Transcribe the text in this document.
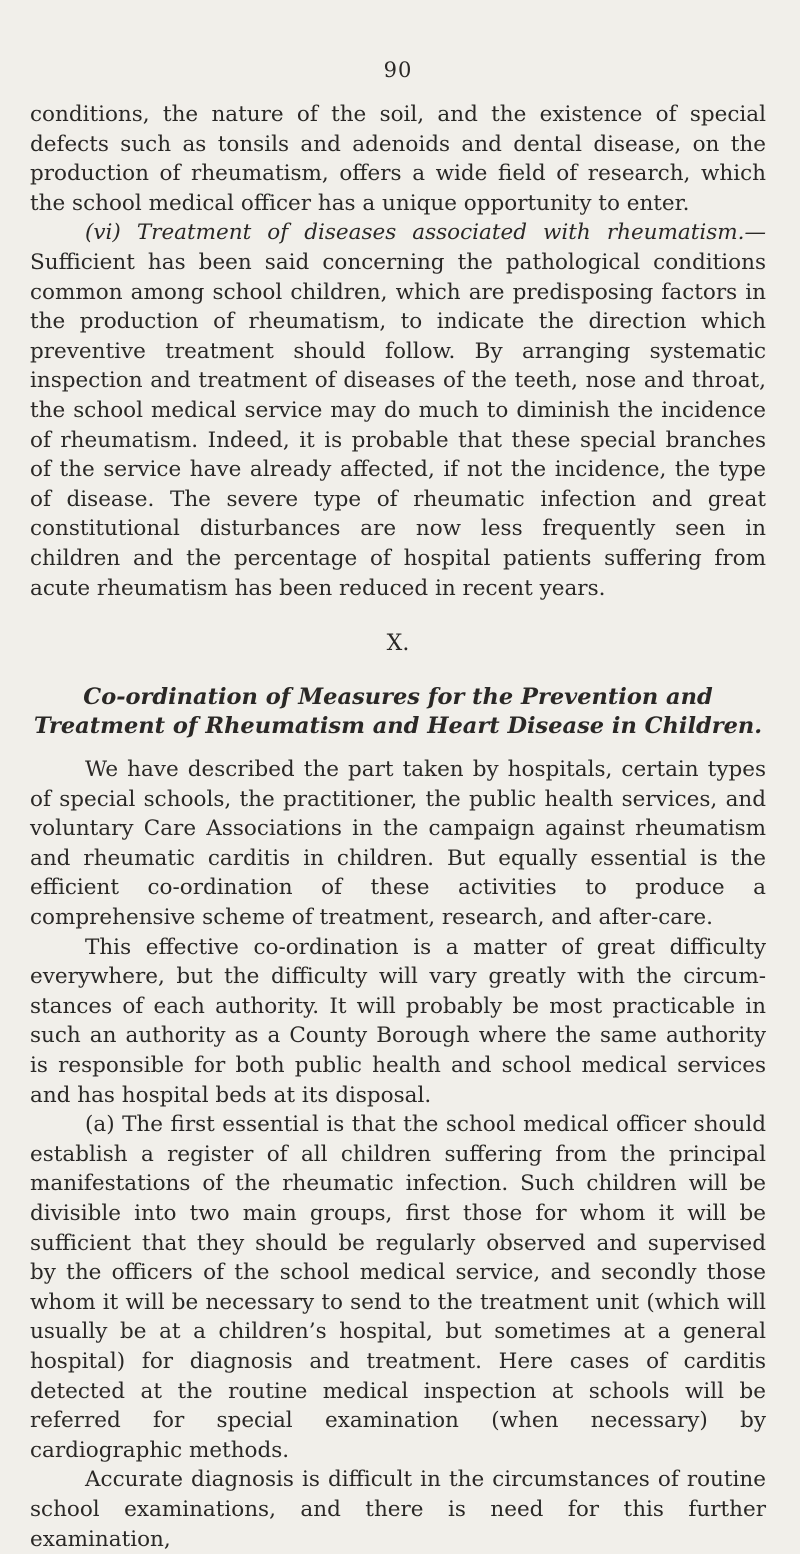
90

conditions, the nature of the soil, and the existence of special defects such as tonsils and adenoids and dental disease, on the production of rheumatism, offers a wide field of research, which the school medical officer has a unique opportunity to enter.

(vi) Treatment of diseases associated with rheumatism.— Sufficient has been said concerning the pathological conditions common among school children, which are predisposing factors in the production of rheumatism, to indicate the direction which preventive treatment should follow. By arranging systematic inspection and treatment of diseases of the teeth, nose and throat, the school medical service may do much to diminish the incidence of rheumatism. Indeed, it is probable that these special branches of the service have already affected, if not the incidence, the type of disease. The severe type of rheumatic infection and great constitutional disturbances are now less frequently seen in children and the percentage of hospital patients suffering from acute rheumatism has been reduced in recent years.

X.
Co-ordination of Measures for the Prevention and Treatment of Rheumatism and Heart Disease in Children.

We have described the part taken by hospitals, certain types of special schools, the practitioner, the public health services, and voluntary Care Associations in the campaign against rheumatism and rheumatic carditis in children. But equally essential is the efficient co-ordination of these activities to produce a comprehensive scheme of treatment, research, and after-care.

This effective co-ordination is a matter of great difficulty everywhere, but the difficulty will vary greatly with the circum-stances of each authority. It will probably be most practicable in such an authority as a County Borough where the same authority is responsible for both public health and school medical services and has hospital beds at its disposal.

(a) The first essential is that the school medical officer should establish a register of all children suffering from the principal manifestations of the rheumatic infection. Such children will be divisible into two main groups, first those for whom it will be sufficient that they should be regularly observed and supervised by the officers of the school medical service, and secondly those whom it will be necessary to send to the treatment unit (which will usually be at a children’s hospital, but sometimes at a general hospital) for diagnosis and treatment. Here cases of carditis detected at the routine medical inspection at schools will be referred for special examination (when necessary) by cardiographic methods.

Accurate diagnosis is difficult in the circumstances of routine school examinations, and there is need for this further examination,
